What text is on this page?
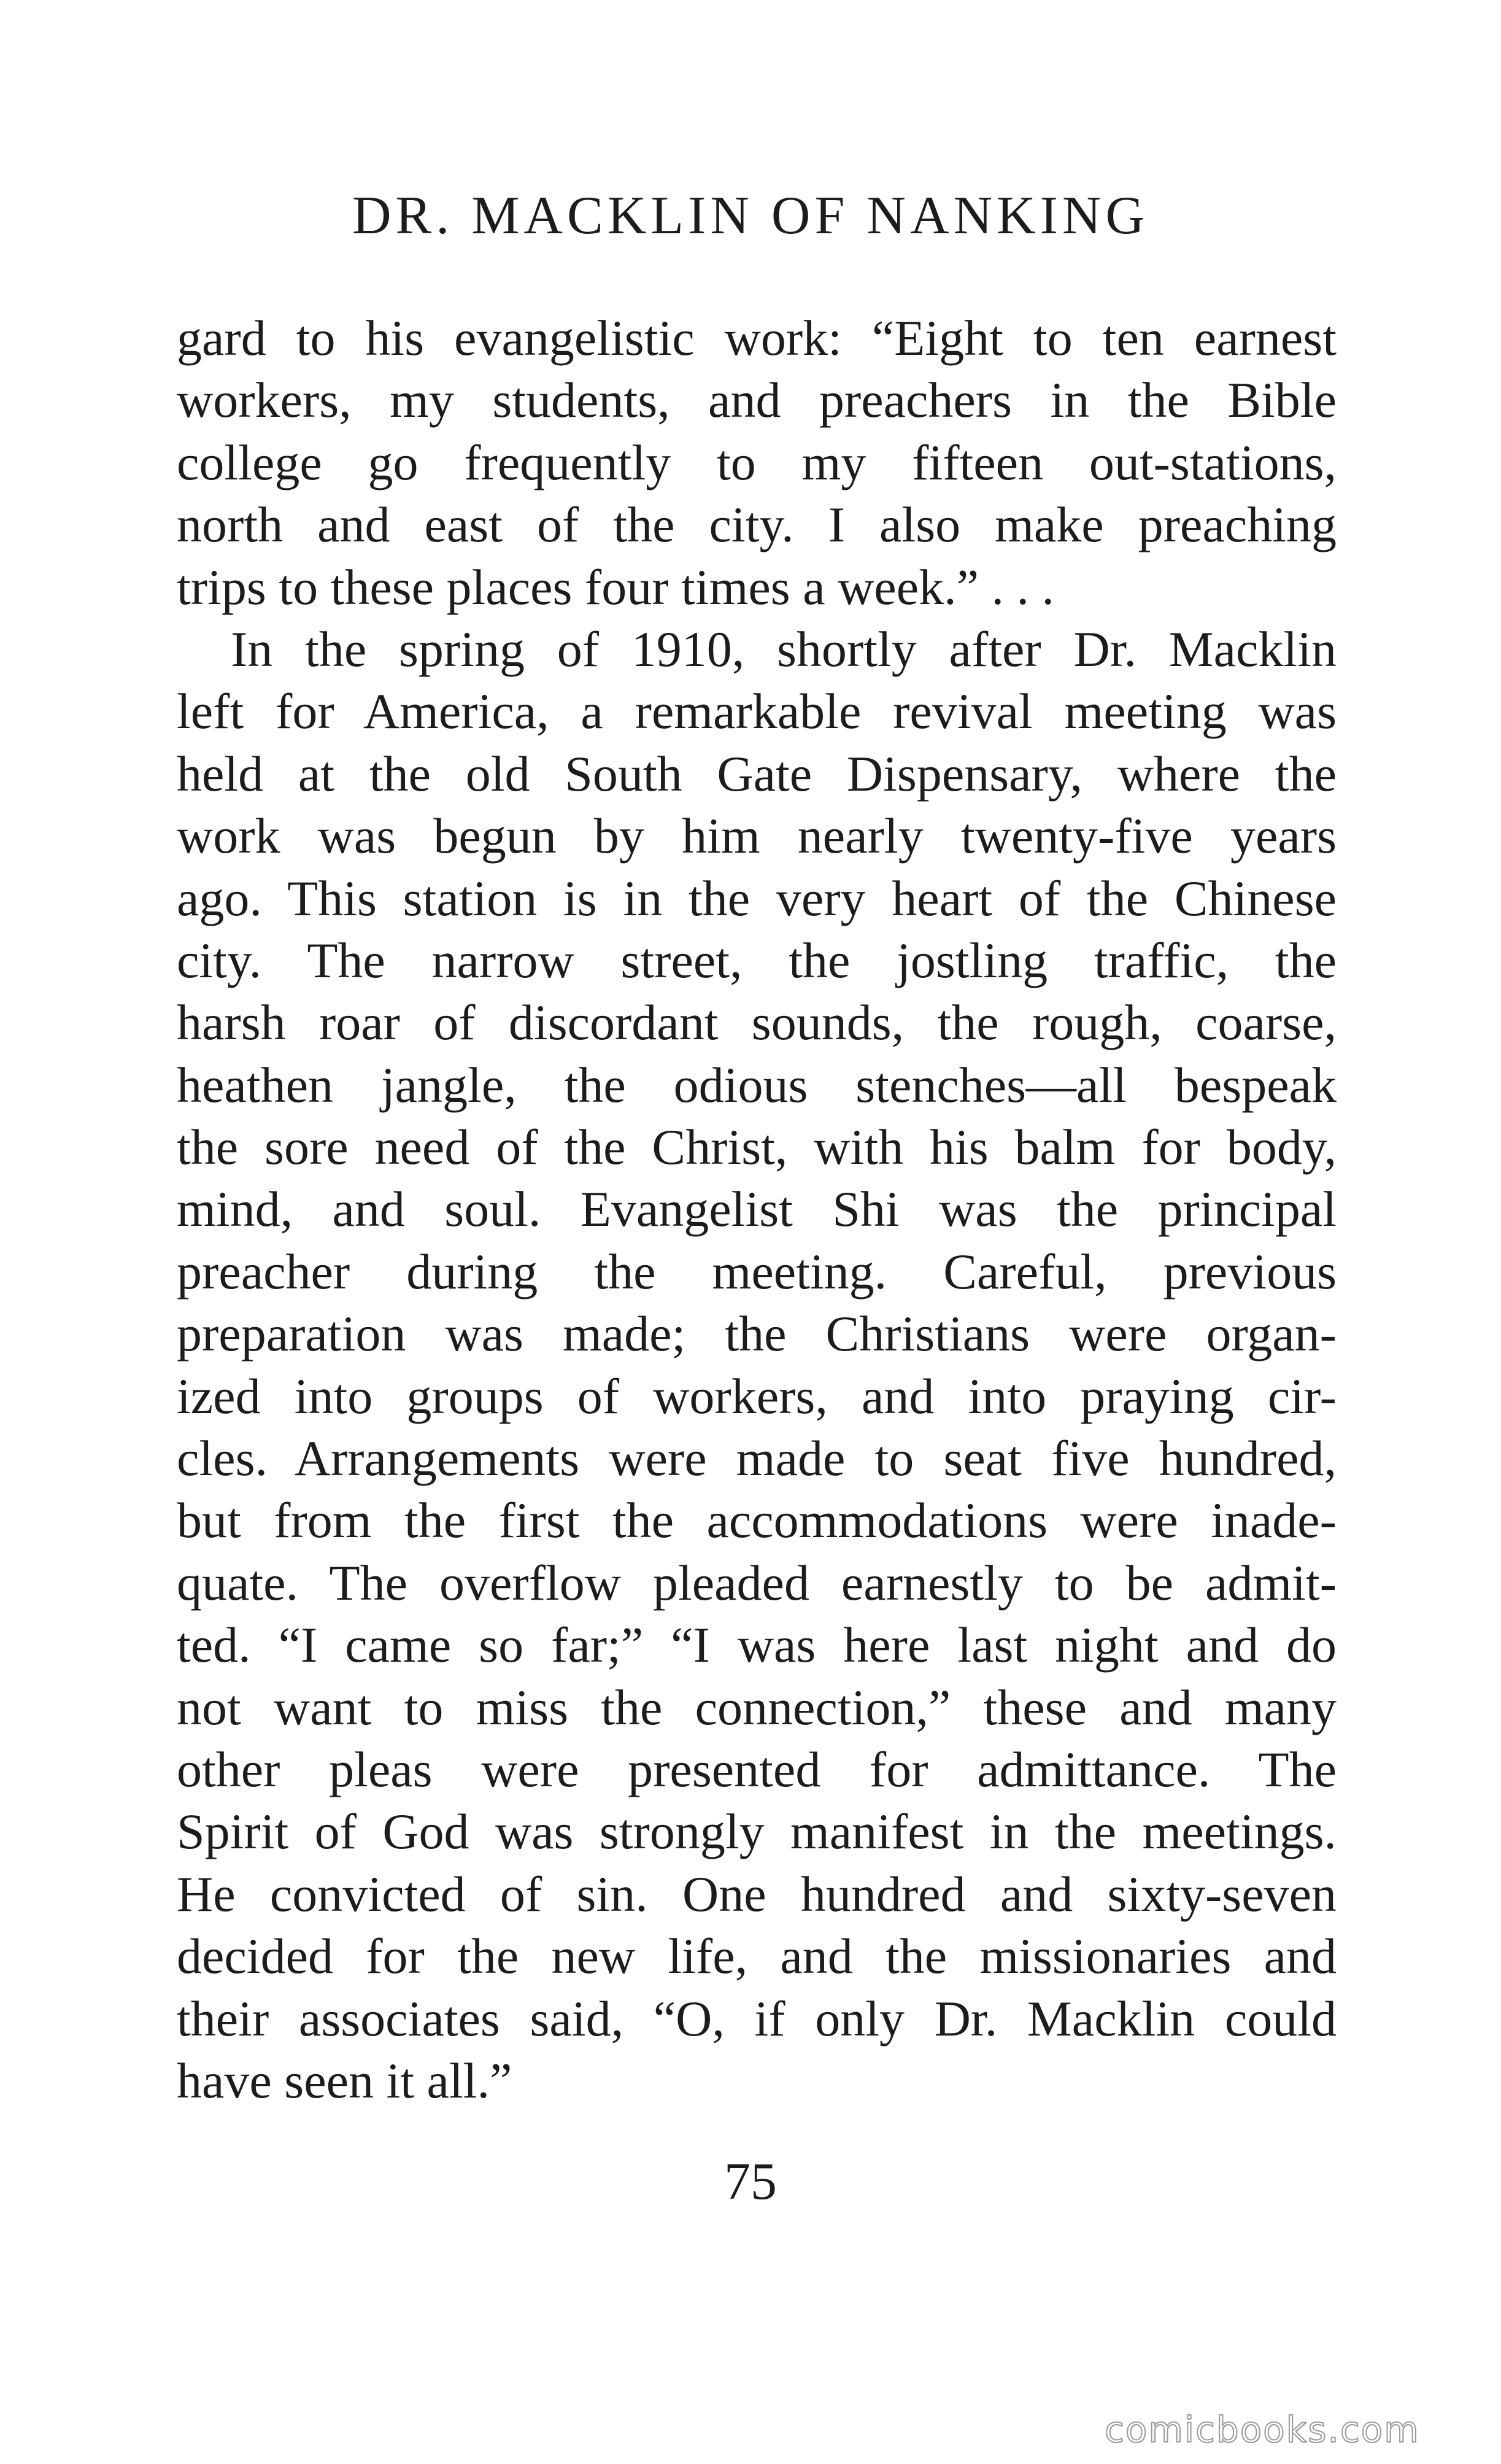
DR. MACKLIN OF NANKING
gard to his evangelistic work: “Eight to ten earnest
workers, my students, and preachers in the Bible
college go frequently to my fifteen out-stations,
north and east of the city. I also make preaching
trips to these places four times a week.” . . .
In the spring of 1910, shortly after Dr. Macklin
left for America, a remarkable revival meeting was
held at the old South Gate Dispensary, where the
work was begun by him nearly twenty-five years
ago. This station is in the very heart of the Chinese
city. The narrow street, the jostling traffic, the
harsh roar of discordant sounds, the rough, coarse,
heathen jangle, the odious stenches—all bespeak
the sore need of the Christ, with his balm for body,
mind, and soul. Evangelist Shi was the principal
preacher during the meeting. Careful, previous
preparation was made; the Christians were organ-
ized into groups of workers, and into praying cir-
cles. Arrangements were made to seat five hundred,
but from the first the accommodations were inade-
quate. The overflow pleaded earnestly to be admit-
ted. “I came so far;” “I was here last night and do
not want to miss the connection,” these and many
other pleas were presented for admittance. The
Spirit of God was strongly manifest in the meetings.
He convicted of sin. One hundred and sixty-seven
decided for the new life, and the missionaries and
their associates said, “O, if only Dr. Macklin could
have seen it all.”
75
comicbooks.com
